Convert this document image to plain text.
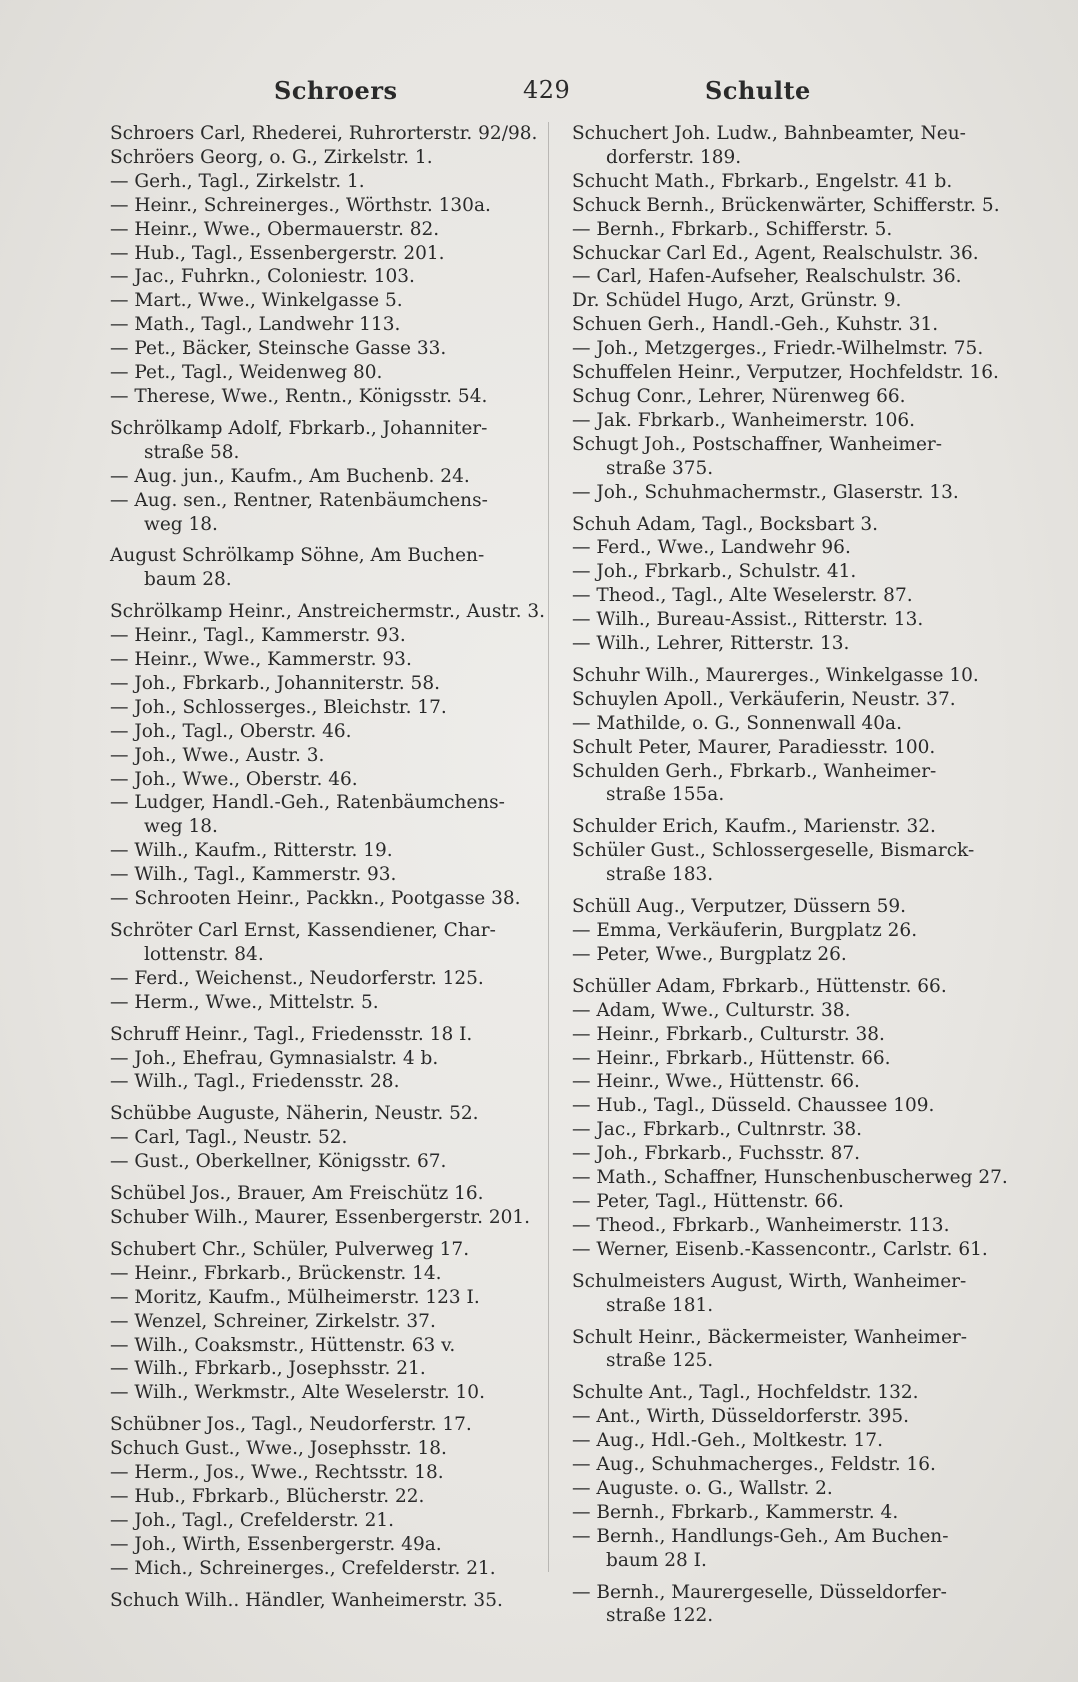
Schroers	429	Schulte
Schroers Carl, Rhederei, Ruhrorterstr. 92/98.
Schröers Georg, o. G., Zirkelstr. 1.
— Gerh., Tagl., Zirkelstr. 1.
— Heinr., Schreinerges., Wörthstr. 130a.
— Heinr., Wwe., Obermauerstr. 82.
— Hub., Tagl., Essenbergerstr. 201.
— Jac., Fuhrkn., Coloniestr. 103.
— Mart., Wwe., Winkelgasse 5.
— Math., Tagl., Landwehr 113.
— Pet., Bäcker, Steinsche Gasse 33.
— Pet., Tagl., Weidenweg 80.
— Therese, Wwe., Rentn., Königsstr. 54.
Schrölkamp Adolf, Fbrkarb., Johanniter-
straße 58.
— Aug. jun., Kaufm., Am Buchenb. 24.
— Aug. sen., Rentner, Ratenbäumchens-
weg 18.
August Schrölkamp Söhne, Am Buchen-
baum 28.
Schrölkamp Heinr., Anstreichermstr., Austr. 3.
— Heinr., Tagl., Kammerstr. 93.
— Heinr., Wwe., Kammerstr. 93.
— Joh., Fbrkarb., Johanniterstr. 58.
— Joh., Schlosserges., Bleichstr. 17.
— Joh., Tagl., Oberstr. 46.
— Joh., Wwe., Austr. 3.
— Joh., Wwe., Oberstr. 46.
— Ludger, Handl.-Geh., Ratenbäumchens-
weg 18.
— Wilh., Kaufm., Ritterstr. 19.
— Wilh., Tagl., Kammerstr. 93.
— Schrooten Heinr., Packkn., Pootgasse 38.
Schröter Carl Ernst, Kassendiener, Char-
lottenstr. 84.
— Ferd., Weichenst., Neudorferstr. 125.
— Herm., Wwe., Mittelstr. 5.
Schruff Heinr., Tagl., Friedensstr. 18 I.
— Joh., Ehefrau, Gymnasialstr. 4 b.
— Wilh., Tagl., Friedensstr. 28.
Schübbe Auguste, Näherin, Neustr. 52.
— Carl, Tagl., Neustr. 52.
— Gust., Oberkellner, Königsstr. 67.
Schübel Jos., Brauer, Am Freischütz 16.
Schuber Wilh., Maurer, Essenbergerstr. 201.
Schubert Chr., Schüler, Pulverweg 17.
— Heinr., Fbrkarb., Brückenstr. 14.
— Moritz, Kaufm., Mülheimerstr. 123 I.
— Wenzel, Schreiner, Zirkelstr. 37.
— Wilh., Coaksmstr., Hüttenstr. 63 v.
— Wilh., Fbrkarb., Josephsstr. 21.
— Wilh., Werkmstr., Alte Weselerstr. 10.
Schübner Jos., Tagl., Neudorferstr. 17.
Schuch Gust., Wwe., Josephsstr. 18.
— Herm., Jos., Wwe., Rechtsstr. 18.
— Hub., Fbrkarb., Blücherstr. 22.
— Joh., Tagl., Crefelderstr. 21.
— Joh., Wirth, Essenbergerstr. 49a.
— Mich., Schreinerges., Crefelderstr. 21.
Schuch Wilh.. Händler, Wanheimerstr. 35.
Schuchert Joh. Ludw., Bahnbeamter, Neu-
dorferstr. 189.
Schucht Math., Fbrkarb., Engelstr. 41 b.
Schuck Bernh., Brückenwärter, Schifferstr. 5.
— Bernh., Fbrkarb., Schifferstr. 5.
Schuckar Carl Ed., Agent, Realschulstr. 36.
— Carl, Hafen-Aufseher, Realschulstr. 36.
Dr. Schüdel Hugo, Arzt, Grünstr. 9.
Schuen Gerh., Handl.-Geh., Kuhstr. 31.
— Joh., Metzgerges., Friedr.-Wilhelmstr. 75.
Schuffelen Heinr., Verputzer, Hochfeldstr. 16.
Schug Conr., Lehrer, Nürenweg 66.
— Jak. Fbrkarb., Wanheimerstr. 106.
Schugt Joh., Postschaffner, Wanheimer-
straße 375.
— Joh., Schuhmachermstr., Glaserstr. 13.
Schuh Adam, Tagl., Bocksbart 3.
— Ferd., Wwe., Landwehr 96.
— Joh., Fbrkarb., Schulstr. 41.
— Theod., Tagl., Alte Weselerstr. 87.
— Wilh., Bureau-Assist., Ritterstr. 13.
— Wilh., Lehrer, Ritterstr. 13.
Schuhr Wilh., Maurerges., Winkelgasse 10.
Schuylen Apoll., Verkäuferin, Neustr. 37.
— Mathilde, o. G., Sonnenwall 40a.
Schult Peter, Maurer, Paradiesstr. 100.
Schulden Gerh., Fbrkarb., Wanheimer-
straße 155a.
Schulder Erich, Kaufm., Marienstr. 32.
Schüler Gust., Schlossergeselle, Bismarck-
straße 183.
Schüll Aug., Verputzer, Düssern 59.
— Emma, Verkäuferin, Burgplatz 26.
— Peter, Wwe., Burgplatz 26.
Schüller Adam, Fbrkarb., Hüttenstr. 66.
— Adam, Wwe., Culturstr. 38.
— Heinr., Fbrkarb., Culturstr. 38.
— Heinr., Fbrkarb., Hüttenstr. 66.
— Heinr., Wwe., Hüttenstr. 66.
— Hub., Tagl., Düsseld. Chaussee 109.
— Jac., Fbrkarb., Cultnrstr. 38.
— Joh., Fbrkarb., Fuchsstr. 87.
— Math., Schaffner, Hunschenbuscherweg 27.
— Peter, Tagl., Hüttenstr. 66.
— Theod., Fbrkarb., Wanheimerstr. 113.
— Werner, Eisenb.-Kassencontr., Carlstr. 61.
Schulmeisters August, Wirth, Wanheimer-
straße 181.
Schult Heinr., Bäckermeister, Wanheimer-
straße 125.
Schulte Ant., Tagl., Hochfeldstr. 132.
— Ant., Wirth, Düsseldorferstr. 395.
— Aug., Hdl.-Geh., Moltkestr. 17.
— Aug., Schuhmacherges., Feldstr. 16.
— Auguste. o. G., Wallstr. 2.
— Bernh., Fbrkarb., Kammerstr. 4.
— Bernh., Handlungs-Geh., Am Buchen-
baum 28 I.
— Bernh., Maurergeselle, Düsseldorfer-
straße 122.
